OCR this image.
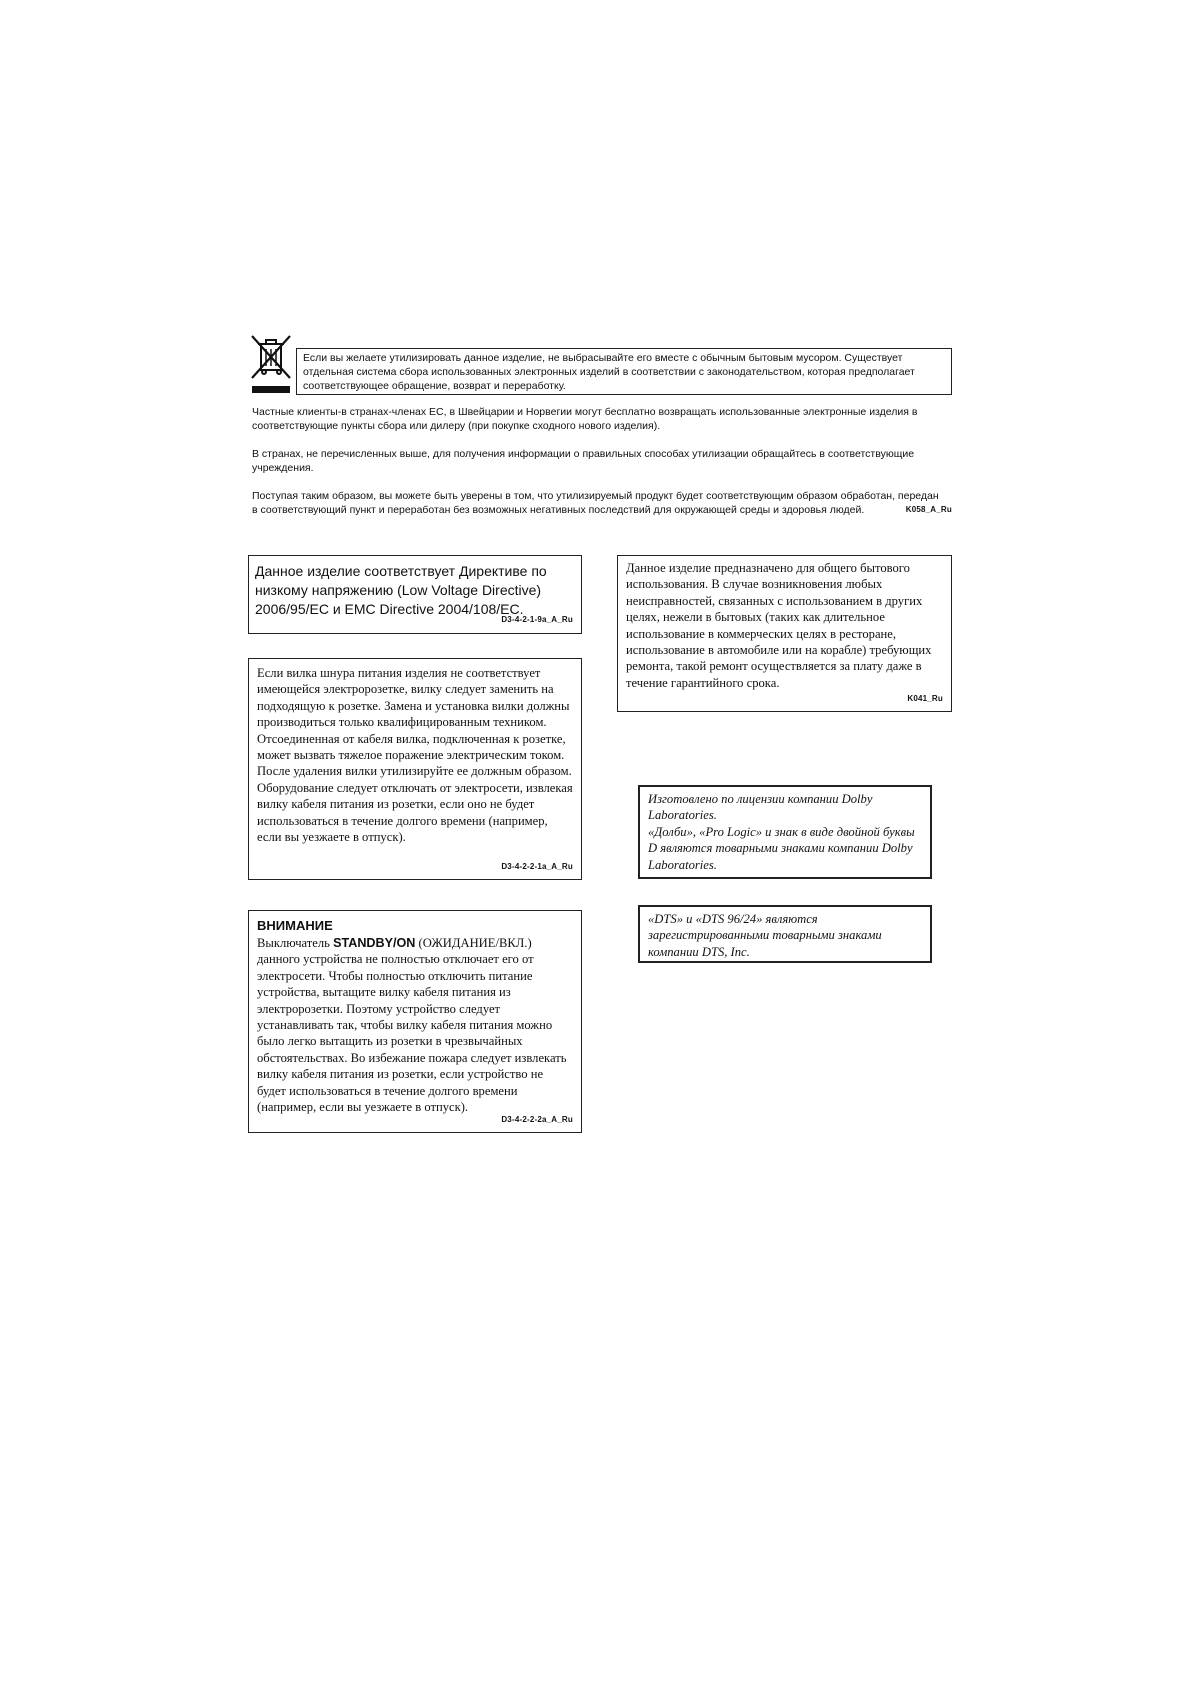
Если вы желаете утилизировать данное изделие, не выбрасывайте его вместе с обычным бытовым мусором. Существует отдельная система сбора использованных электронных изделий в соответствии с законодательством, которая предполагает соответствующее обращение, возврат и переработку.

Частные клиенты-в странах-членах ЕС, в Швейцарии и Норвегии могут бесплатно возвращать использованные электронные изделия в соответствующие пункты сбора или дилеру (при покупке сходного нового изделия).

В странах, не перечисленных выше, для получения информации о правильных способах утилизации обращайтесь в соответствующие учреждения.

Поступая таким образом, вы можете быть уверены в том, что утилизируемый продукт будет соответствующим образом обработан, передан в соответствующий пункт и переработан без возможных негативных последствий для окружающей среды и здоровья людей.	K058_A_Ru

Данное изделие соответствует Директиве по низкому напряжению (Low Voltage Directive) 2006/95/EC и EMC Directive 2004/108/EC.

D3-4-2-1-9a_A_Ru

Если вилка шнура питания изделия не соответствует имеющейся электророзетке, вилку следует заменить на подходящую к розетке. Замена и установка вилки должны производиться только квалифицированным техником. Отсоединенная от кабеля вилка, подключенная к розетке, может вызвать тяжелое поражение электрическим током. После удаления вилки утилизируйте ее должным образом. Оборудование следует отключать от электросети, извлекая вилку кабеля питания из розетки, если оно не будет использоваться в течение долгого времени (например, если вы уезжаете в отпуск).

D3-4-2-2-1a_A_Ru
ВНИМАНИЕ

Выключатель STANDBY/ON (ОЖИДАНИЕ/ВКЛ.) данного устройства не полностью отключает его от электросети. Чтобы полностью отключить питание устройства, вытащите вилку кабеля питания из электророзетки. Поэтому устройство следует устанавливать так, чтобы вилку кабеля питания можно было легко вытащить из розетки в чрезвычайных обстоятельствах. Во избежание пожара следует извлекать вилку кабеля питания из розетки, если устройство не будет использоваться в течение долгого времени (например, если вы уезжаете в отпуск).

D3-4-2-2-2a_A_Ru

Данное изделие предназначено для общего бытового использования. В случае возникновения любых неисправностей, связанных с использованием в других целях, нежели в бытовых (таких как длительное использование в коммерческих целях в ресторане, использование в автомобиле или на корабле) требующих ремонта, такой ремонт осуществляется за плату даже в течение гарантийного срока.

K041_Ru

Изготовлено по лицензии компании Dolby Laboratories.

«Долби», «Pro Logic» и знак в виде двойной буквы D являются товарными знаками компании Dolby Laboratories.

«DTS» и «DTS 96/24» являются зарегистрированными товарными знаками компании DTS, Inc.
